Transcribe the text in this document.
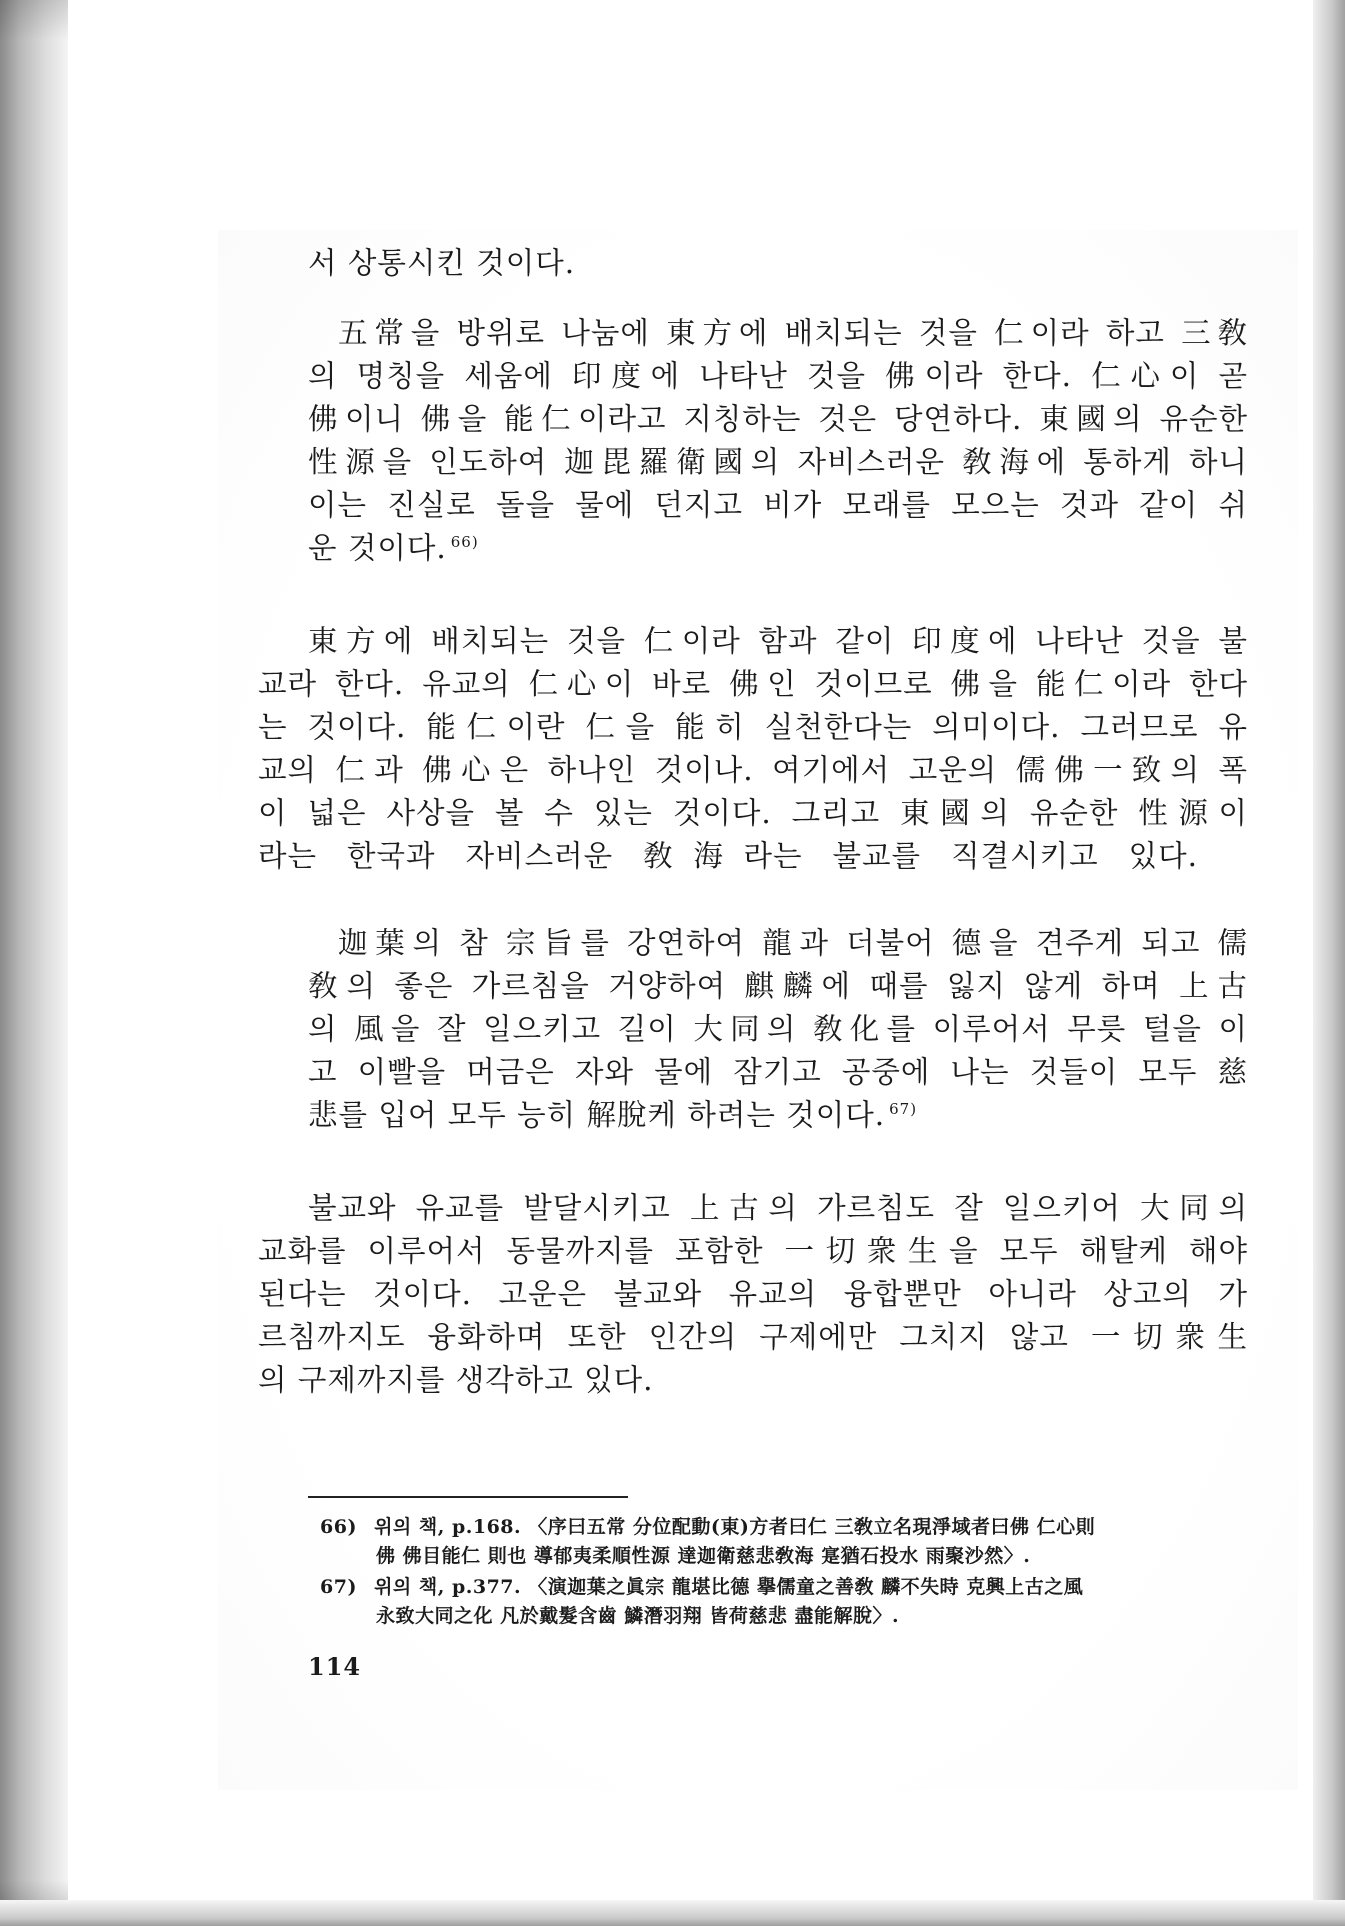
서 상통시킨 것이다.
五常을 방위로 나눔에 東方에 배치되는 것을 仁이라 하고 三敎
의 명칭을 세움에 印度에 나타난 것을 佛이라 한다. 仁心이 곧
佛이니 佛을 能仁이라고 지칭하는 것은 당연하다. 東國의 유순한
性源을 인도하여 迦毘羅衛國의 자비스러운 敎海에 통하게 하니
이는 진실로 돌을 물에 던지고 비가 모래를 모으는 것과 같이 쉬
운 것이다. $^{66)}$
東方에 배치되는 것을 仁이라 함과 같이 印度에 나타난 것을 불
교라 한다. 유교의 仁心이 바로 佛인 것이므로 佛을 能仁이라 한다
는 것이다. 能仁이란 仁을 能히 실천한다는 의미이다. 그러므로 유
교의 仁과 佛心은 하나인 것이나. 여기에서 고운의 儒佛一致의 폭
이 넓은 사상을 볼 수 있는 것이다. 그리고 東國의 유순한 性源이
라는 한국과 자비스러운 敎海라는 불교를 직결시키고 있다.
迦葉의 참 宗旨를 강연하여 龍과 더불어 德을 견주게 되고 儒
敎의 좋은 가르침을 거양하여 麒麟에 때를 잃지 않게 하며 上古
의 風을 잘 일으키고 길이 大同의 敎化를 이루어서 무릇 털을 이
고 이빨을 머금은 자와 물에 잠기고 공중에 나는 것들이 모두 慈
悲를 입어 모두 능히 解脫케 하려는 것이다. $^{67)}$
불교와 유교를 발달시키고 上古의 가르침도 잘 일으키어 大同의
교화를 이루어서 동물까지를 포함한 一切衆生을 모두 해탈케 해야
된다는 것이다. 고운은 불교와 유교의 융합뿐만 아니라 상고의 가
르침까지도 융화하며 또한 인간의 구제에만 그치지 않고 一切衆生
의 구제까지를 생각하고 있다.
66) 위의 책, p.168. 〈序曰五常 分位配動(東)方者曰仁 三敎立名現淨域者曰佛 仁心則
佛 佛目能仁 則也 導郁夷柔順性源 達迦衛慈悲敎海 寔猶石投水 雨聚沙然〉.
67) 위의 책, p.377. 〈演迦葉之眞宗 龍堪比德 擧儒童之善敎 麟不失時 克興上古之風
永致大同之化 凡於戴髮含齒 鱗潛羽翔 皆荷慈悲 盡能解脫〉.
114
